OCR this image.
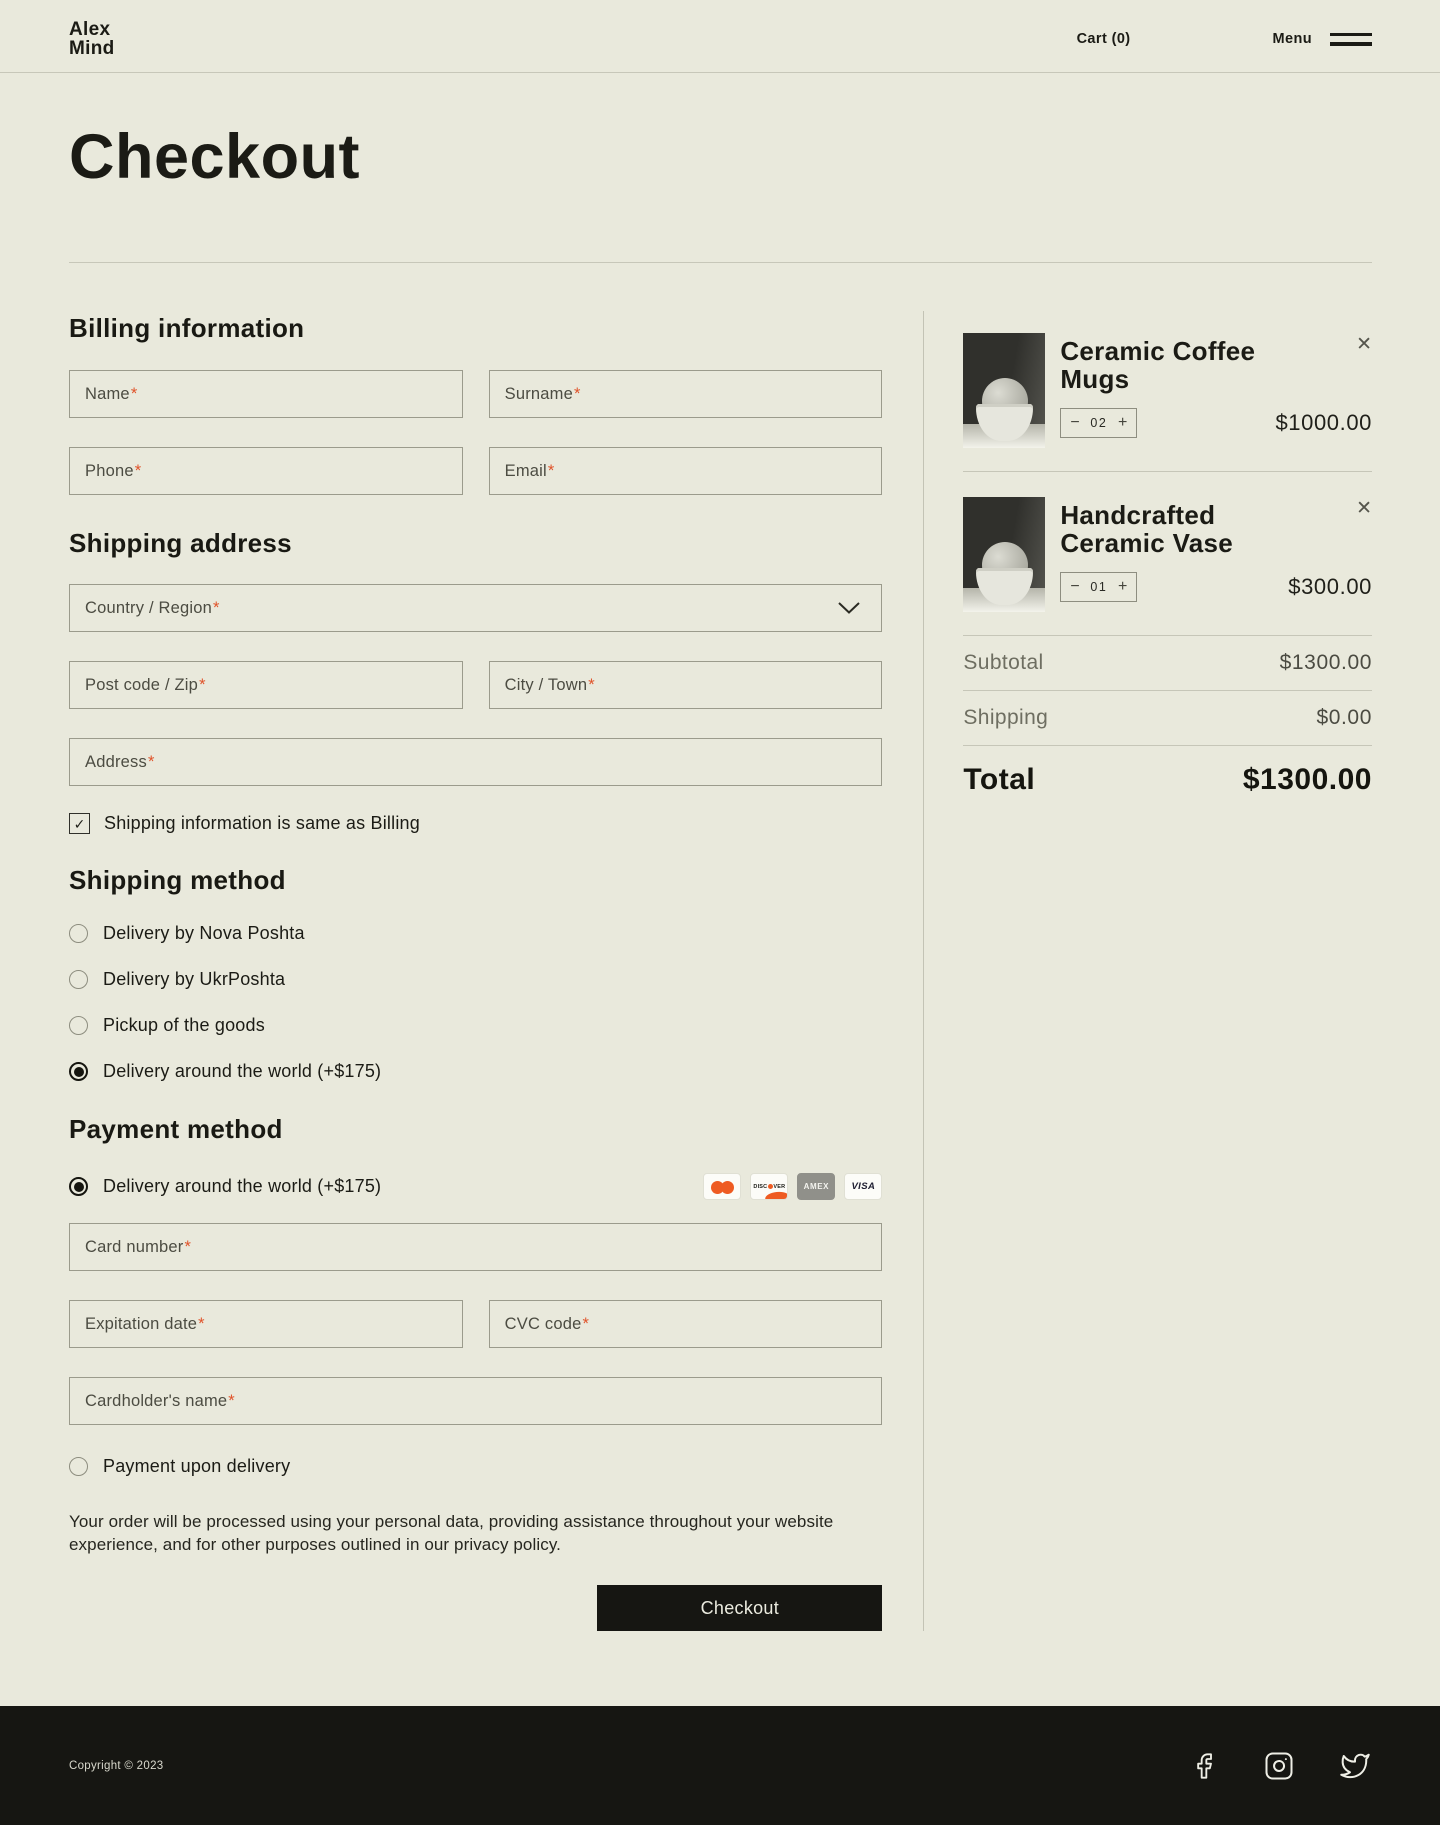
Alex
Mind	Cart (0)	Menu
Checkout
Billing information
Name *	Surname *
Phone *	Email *
Shipping address
Country / Region *
Post code / Zip *	City / Town *
Address *
✓ Shipping information is same as Billing
Shipping method
Delivery by Nova Poshta
Delivery by UkrPoshta
Pickup of the goods
Delivery around the world (+$175)
Payment method
Delivery around the world (+$175)	DISC VER	AMEX	VISA
Card number *
Expitation date *	CVC code *
Cardholder's name *
Payment upon delivery

Your order will be processed using your personal data, providing assistance throughout your website experience, and for other purposes outlined in our privacy policy.

Checkout
Ceramic Coffee Mugs
− 02 +	$1000.00
✕
Handcrafted Ceramic Vase
− 01 +	$300.00
✕
Subtotal	$1300.00
Shipping	$0.00
Total	$1300.00
Copyright © 2023
